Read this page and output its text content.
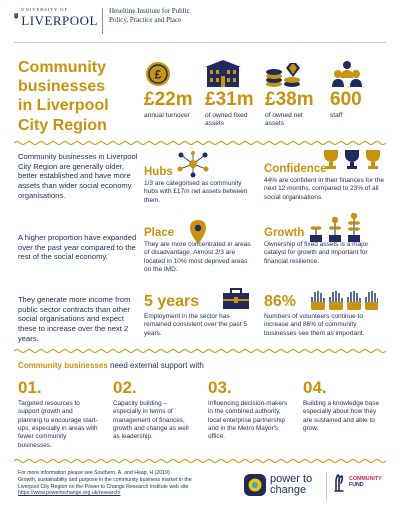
UNIVERSITY OF
LIVERPOOL
Heseltine Institute for Public
Policy, Practice and Place
Community
businesses
in Liverpool
City Region
£
£22m
annual turnover
£31m
of owned fixed assets
£38m
of owned net assets
600
staff
Community businesses in Liverpool City Region are generally older, better established and have more assets than wider social economy organisations.
A higher proportion have expanded over the past year compared to the rest of the social economy.
They generate more income from public sector contracts than other social organisations and expect these to increase over the next 2 years.
Hubs
1/3 are categorised as community hubs with £17m net assets between them.
Confidence
44% are confident in their finances for the next 12 months, compared to 23% of all social organisations.
Place
They are more concentrated in areas of disadvantage. Almost 2/3 are located in 10% most deprived areas on the IMD.
Growth
Ownership of fixed assets is a major catalyst for growth and important for financial resilience.
5 years
Employment in the sector has remained consistent over the past 5 years.
86%
Numbers of volunteers continue to increase and 86% of community businesses see them as important.
Community businesses need external support with
01.
Targeted resources to support growth and planning to encourage start-ups, especially in areas with fewer community businesses.
02.
Capacity building – especially in terms of management of finances, growth and change as well as leadership.
03.
Influencing decision-makers in the combined authority, local enterprise partnership and in the Metro Mayor's office.
04.
Building a knowledge base especially about how they are sustained and able to grow.
For more information please see Southern, A. and Heap, H (2019)
Growth, sustainability and purpose in the community business market in the
Liverpool City Region on the Power to Change Research Institute web site
https://www.powertochange.org.uk/research/
power to
change
COMMUNITY
FUND
